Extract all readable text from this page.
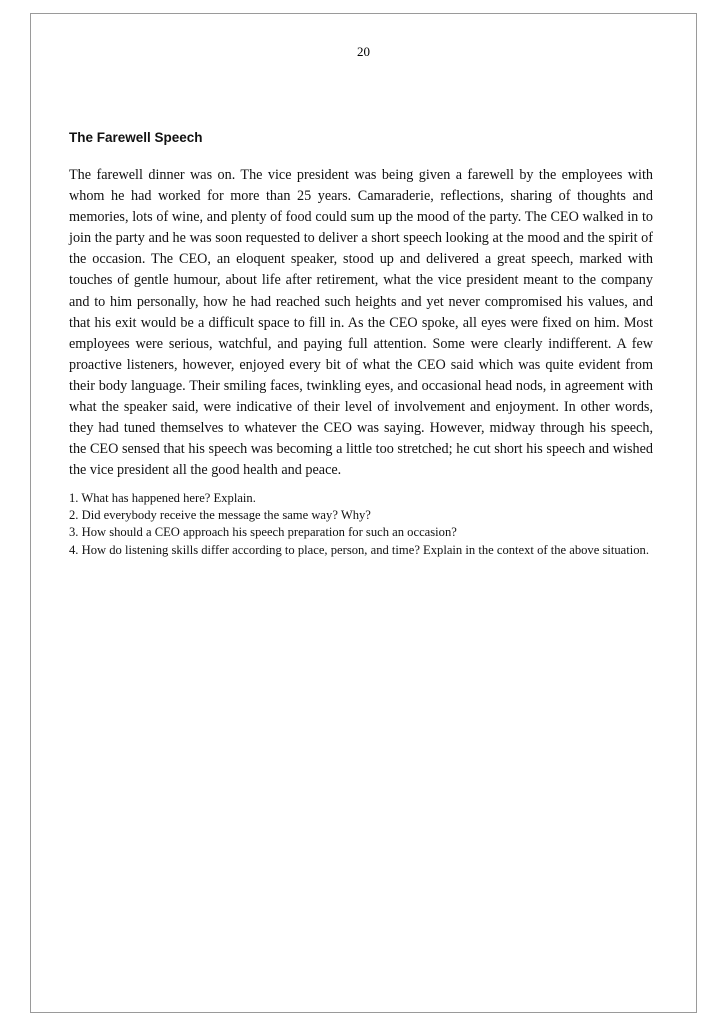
20
The Farewell Speech

The farewell dinner was on. The vice president was being given a farewell by the employees with whom he had worked for more than 25 years. Camaraderie, reflections, sharing of thoughts and memories, lots of wine, and plenty of food could sum up the mood of the party. The CEO walked in to join the party and he was soon requested to deliver a short speech looking at the mood and the spirit of the occasion. The CEO, an eloquent speaker, stood up and delivered a great speech, marked with touches of gentle humour, about life after retirement, what the vice president meant to the company and to him personally, how he had reached such heights and yet never compromised his values, and that his exit would be a difficult space to fill in. As the CEO spoke, all eyes were fixed on him. Most employees were serious, watchful, and paying full attention. Some were clearly indifferent. A few proactive listeners, however, enjoyed every bit of what the CEO said which was quite evident from their body language. Their smiling faces, twinkling eyes, and occasional head nods, in agreement with what the speaker said, were indicative of their level of involvement and enjoyment. In other words, they had tuned themselves to whatever the CEO was saying. However, midway through his speech, the CEO sensed that his speech was becoming a little too stretched; he cut short his speech and wished the vice president all the good health and peace.

1. What has happened here? Explain.
2. Did everybody receive the message the same way? Why?
3. How should a CEO approach his speech preparation for such an occasion?
4. How do listening skills differ according to place, person, and time? Explain in the context of the above situation.
